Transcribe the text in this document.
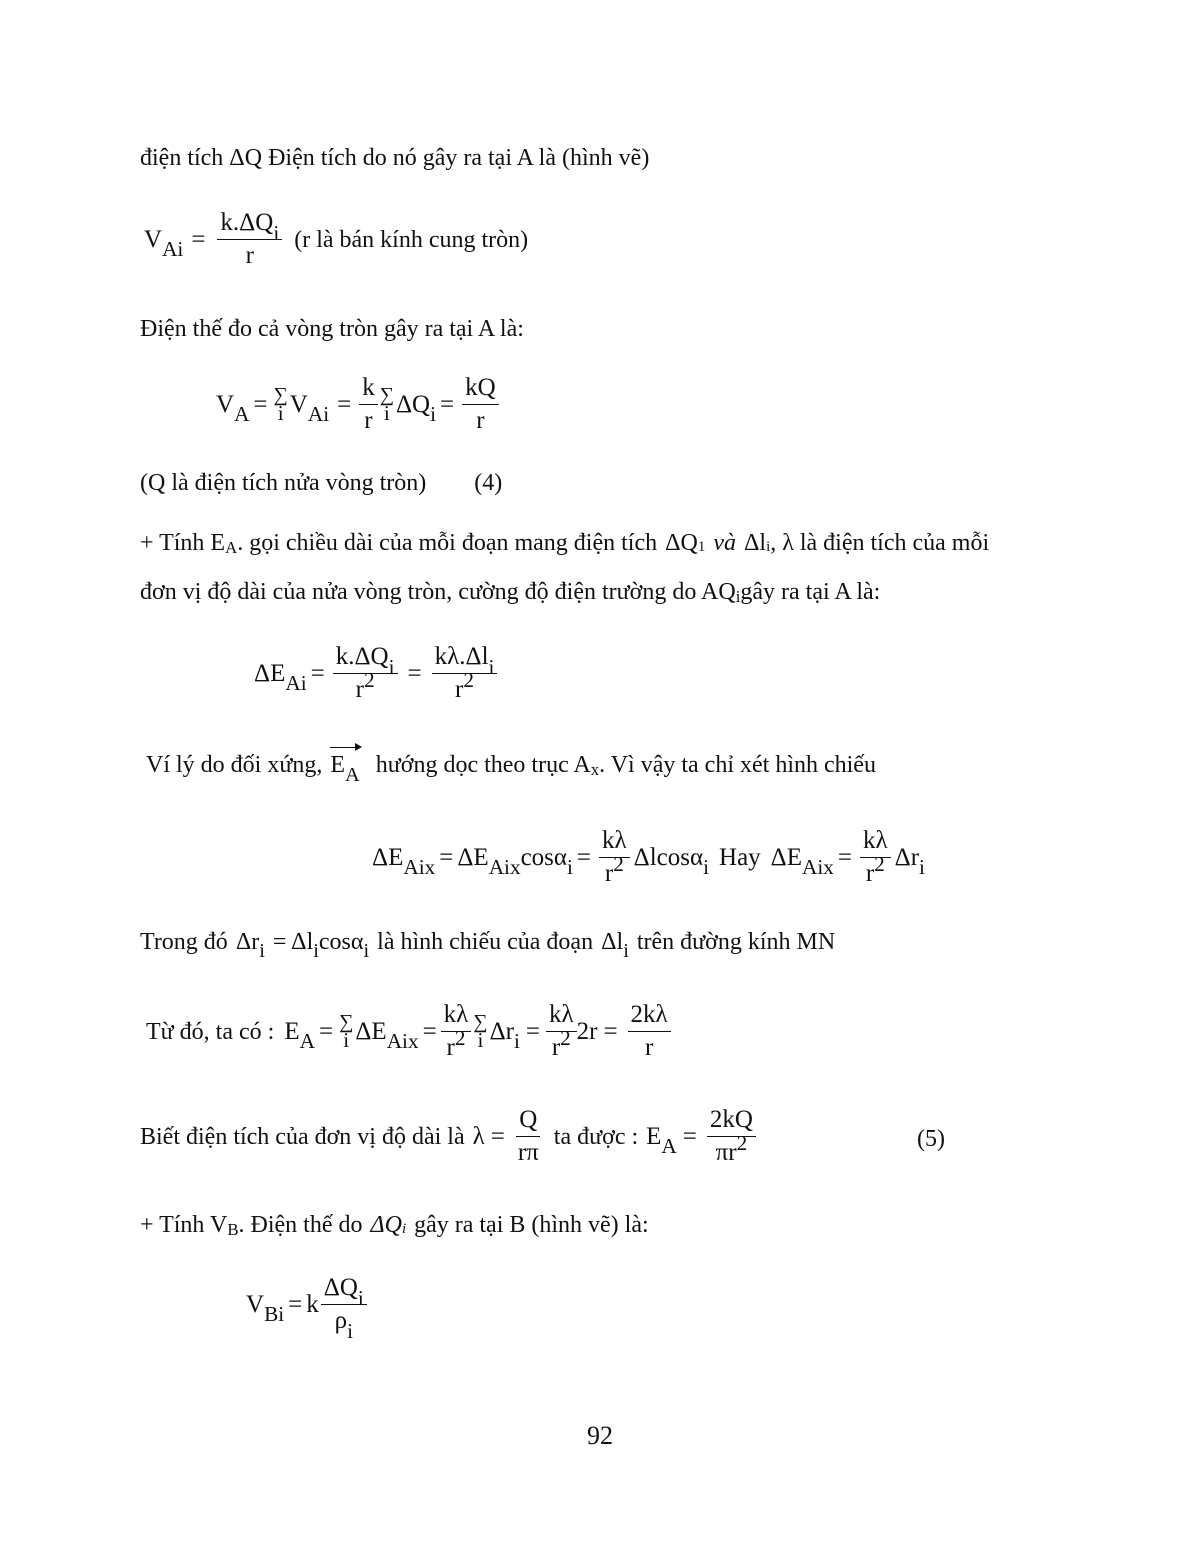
điện tích ΔQ Điện tích do nó gây ra tại A là (hình vẽ)
V $Ai = \frac{k.\Delta Q_i}{r} (r$ là bán kính cung tròn)
Điện thế đo cả vòng tròn gây ra tại A là:
V A = ∑
i V $Ai = \frac{k}{r}$ ∑
i ΔQ $i = \frac{kQ}{r}$
(Q là điện tích nửa vòng tròn) (4)
+ Tính E A . gọi chiều dài của mỗi đoạn mang điện tích ΔQ 1 và Δl i , λ là điện tích của mỗi
đơn vị độ dài của nửa vòng tròn, cường độ điện trường do AQ i gây ra tại A là:
ΔE $Ai = \frac{k.\Delta Q_i}{r^2} = \frac{k\lambda.\Delta l_i}{r^2}$
Ví lý do đối xứng, $E_A$ hướng dọc theo trục A x . Vì vậy ta chỉ xét hình chiếu
ΔE Aix = ΔE Aix cosα $i = \frac{k\lambda}{r^2}$ Δlcosα i Hay ΔE Aix = $\frac{k\lambda}{r^2}$ Δr i
Trong đó Δr i = Δl i cosα i là hình chiếu của đoạn Δl i trên đường kính MN
Từ đó, ta có : E A = ∑
i ΔE Aix = $\frac{k\lambda}{r^2}$ ∑
i Δr $i = \frac{k\lambda}{r^2} 2r = \frac{2k\lambda}{r}$
Biết điện tích của đơn vị độ dài là $\lambda = \frac{Q}{r\pi}$ ta được : E $A = \frac{2kQ}{\pi r^2}$	(5)
+ Tính V B . Điện thế do ΔQ i gây ra tại B (hình vẽ) là:
V Bi = k $\frac{\Delta Q_i}{\rho_i}$
92
